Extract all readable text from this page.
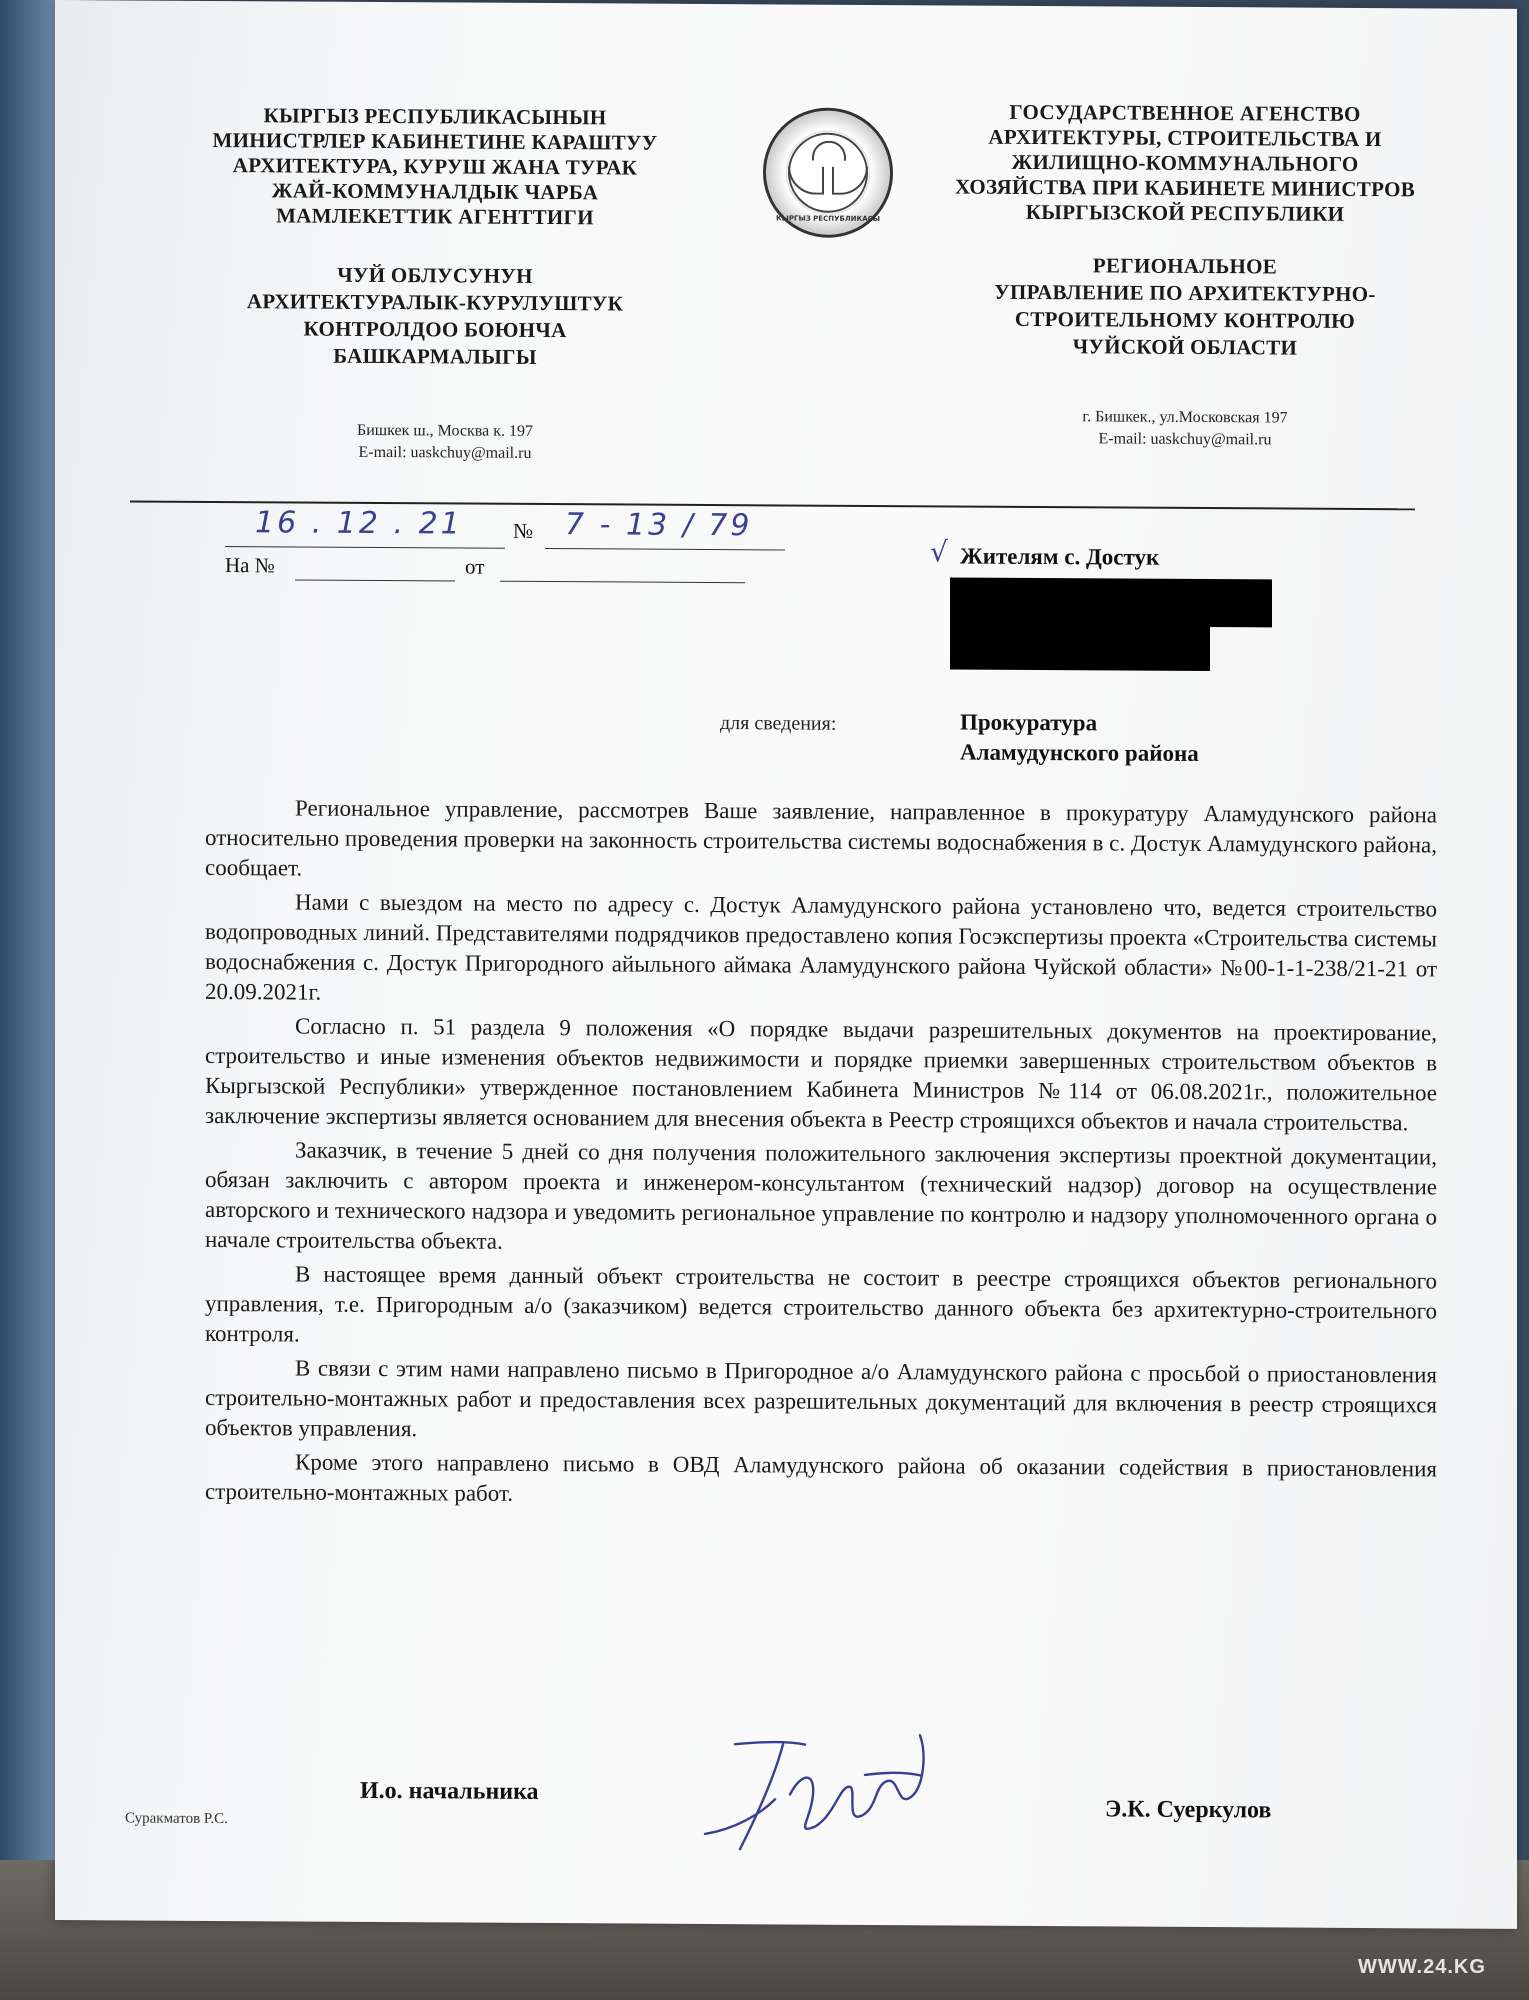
КЫРГЫЗ РЕСПУБЛИКАСЫНЫН
МИНИСТРЛЕР КАБИНЕТИНЕ КАРАШТУУ
АРХИТЕКТУРА, КУРУШ ЖАНА ТУРАК
ЖАЙ-КОММУНАЛДЫК ЧАРБА
МАМЛЕКЕТТИК АГЕНТТИГИ
ЧУЙ ОБЛУСУНУН
АРХИТЕКТУРАЛЫК-КУРУЛУШТУК
КОНТРОЛДОО БОЮНЧА
БАШКАРМАЛЫГЫ
Бишкек ш., Москва к. 197
E-mail: uaskchuy@mail.ru
КЫРГЫЗ РЕСПУБЛИКАСЫ
ГОСУДАРСТВЕННОЕ АГЕНСТВО
АРХИТЕКТУРЫ, СТРОИТЕЛЬСТВА И
ЖИЛИЩНО-КОММУНАЛЬНОГО
ХОЗЯЙСТВА ПРИ КАБИНЕТЕ МИНИСТРОВ
КЫРГЫЗСКОЙ РЕСПУБЛИКИ
РЕГИОНАЛЬНОЕ
УПРАВЛЕНИЕ ПО АРХИТЕКТУРНО-
СТРОИТЕЛЬНОМУ КОНТРОЛЮ
ЧУЙСКОЙ ОБЛАСТИ
г. Бишкек., ул.Московская 197
E-mail: uaskchuy@mail.ru
16 . 12 . 21 № 7 - 13 / 79
На №	от	√ Жителям с. Достук
для сведения:	Прокуратура
Аламудунского района

Региональное управление, рассмотрев Ваше заявление, направленное в прокуратуру Аламудунского района относительно проведения проверки на законность строительства системы водоснабжения в с. Достук Аламудунского района, сообщает.

Нами с выездом на место по адресу с. Достук Аламудунского района установлено что, ведется строительство водопроводных линий. Представителями подрядчиков предоставлено копия Госэкспертизы проекта «Строительства системы водоснабжения с. Достук Пригородного айыльного аймака Аламудунского района Чуйской области» №00-1-1-238/21-21 от 20.09.2021г.

Согласно п. 51 раздела 9 положения «О порядке выдачи разрешительных документов на проектирование, строительство и иные изменения объектов недвижимости и порядке приемки завершенных строительством объектов в Кыргызской Республики» утвержденное постановлением Кабинета Министров №114 от 06.08.2021г., положительное заключение экспертизы является основанием для внесения объекта в Реестр строящихся объектов и начала строительства.

Заказчик, в течение 5 дней со дня получения положительного заключения экспертизы проектной документации, обязан заключить с автором проекта и инженером-консультантом (технический надзор) договор на осуществление авторского и технического надзора и уведомить региональное управление по контролю и надзору уполномоченного органа о начале строительства объекта.

В настоящее время данный объект строительства не состоит в реестре строящихся объектов регионального управления, т.е. Пригородным а/о (заказчиком) ведется строительство данного объекта без архитектурно-строительного контроля.

В связи с этим нами направлено письмо в Пригородное а/о Аламудунского района с просьбой о приостановления строительно-монтажных работ и предоставления всех разрешительных документаций для включения в реестр строящихся объектов управления.

Кроме этого направлено письмо в ОВД Аламудунского района об оказании содействия в приостановления строительно-монтажных работ.

И.о. начальника
Э.К. Суеркулов
Суракматов Р.С.
WWW.24.KG
